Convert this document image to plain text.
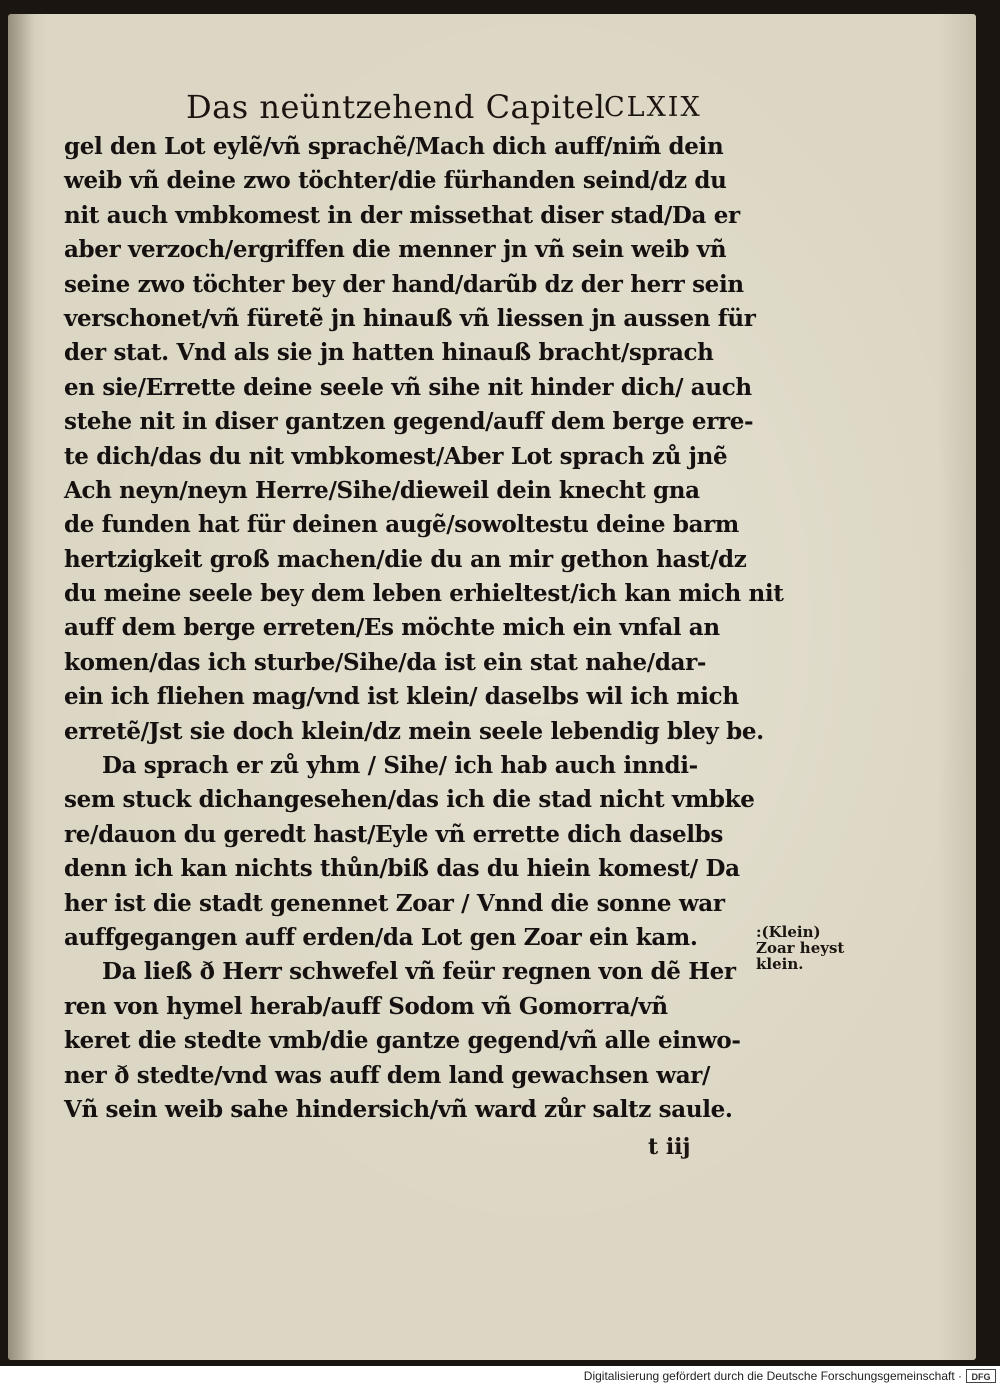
Das neüntzehend Capitel
CLXIX
gel den Lot eylẽ/vñ sprachẽ/Mach dich auff/nim̃ dein
weib vñ deine zwo töchter/die fürhanden seind/dz du
nit auch vmbkomest in der missethat diser stad/Da er
aber verzoch/ergriffen die menner jn vñ sein weib vñ
seine zwo töchter bey der hand/darũb dz der herr sein
verschonet/vñ füretẽ jn hinauß vñ liessen jn aussen für
der stat. Vnd als sie jn hatten hinauß bracht/sprach
en sie/Errette deine seele vñ sihe nit hinder dich/ auch
stehe nit in diser gantzen gegend/auff dem berge erre-
te dich/das du nit vmbkomest/Aber Lot sprach zů jnẽ
Ach neyn/neyn Herre/Sihe/dieweil dein knecht gna
de funden hat für deinen augẽ/sowoltestu deine barm
hertzigkeit groß machen/die du an mir gethon hast/dz
du meine seele bey dem leben erhieltest/ich kan mich nit
auff dem berge erreten/Es möchte mich ein vnfal an
komen/das ich sturbe/Sihe/da ist ein stat nahe/dar-
ein ich fliehen mag/vnd ist klein/ daselbs wil ich mich
erretẽ/Jst sie doch klein/dz mein seele lebendig bley be.
Da sprach er zů yhm / Sihe/ ich hab auch inndi-
sem stuck dichangesehen/das ich die stad nicht vmbke
re/dauon du geredt hast/Eyle vñ errette dich daselbs
denn ich kan nichts thůn/biß das du hiein komest/ Da
her ist die stadt genennet Zoar / Vnnd die sonne war
auffgegangen auff erden/da Lot gen Zoar ein kam.
Da ließ ð Herr schwefel vñ feür regnen von dẽ Her
ren von hymel herab/auff Sodom vñ Gomorra/vñ
keret die stedte vmb/die gantze gegend/vñ alle einwo-
ner ð stedte/vnd was auff dem land gewachsen war/
Vñ sein weib sahe hindersich/vñ ward zůr saltz saule.
:(Klein)
Zoar heyst
klein.
t iij
Digitalisierung gefördert durch die Deutsche Forschungsgemeinschaft ·	DFG
